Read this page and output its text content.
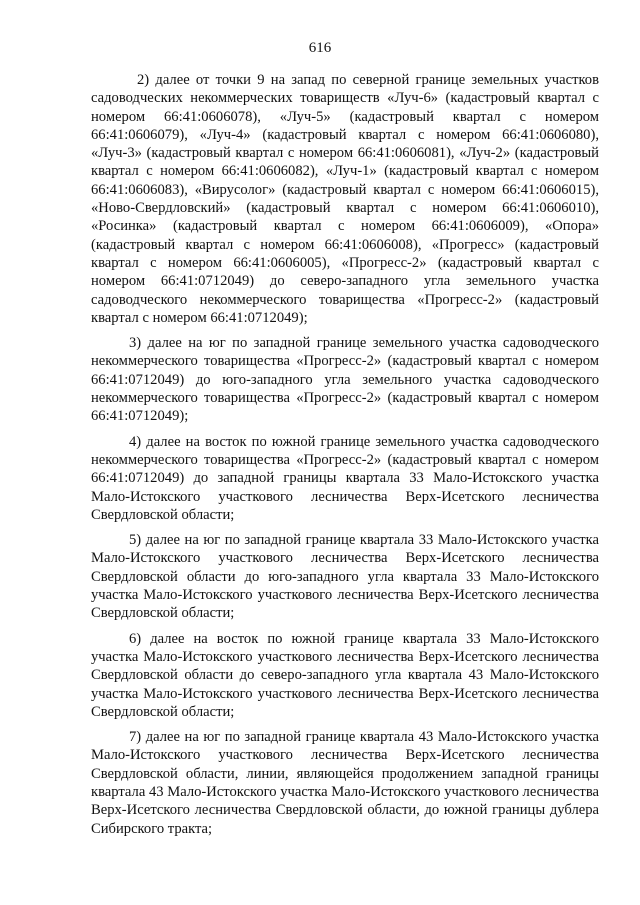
616

2) далее от точки 9 на запад по северной границе земельных участков садоводческих некоммерческих товариществ «Луч-6» (кадастровый квартал с номером 66:41:0606078), «Луч-5» (кадастровый квартал с номером 66:41:0606079), «Луч-4» (кадастровый квартал с номером 66:41:0606080), «Луч-3» (кадастровый квартал с номером 66:41:0606081), «Луч-2» (кадастровый квартал с номером 66:41:0606082), «Луч-1» (кадастровый квартал с номером 66:41:0606083), «Вирусолог» (кадастровый квартал с номером 66:41:0606015), «Ново-Свердловский» (кадастровый квартал с номером 66:41:0606010), «Росинка» (кадастровый квартал с номером 66:41:0606009), «Опора» (кадастровый квартал с номером 66:41:0606008), «Прогресс» (кадастровый квартал с номером 66:41:0606005), «Прогресс-2» (кадастровый квартал с номером 66:41:0712049) до северо-западного угла земельного участка садоводческого некоммерческого товарищества «Прогресс-2» (кадастровый квартал с номером 66:41:0712049);

3) далее на юг по западной границе земельного участка садоводческого некоммерческого товарищества «Прогресс-2» (кадастровый квартал с номером 66:41:0712049) до юго-западного угла земельного участка садоводческого некоммерческого товарищества «Прогресс-2» (кадастровый квартал с номером 66:41:0712049);

4) далее на восток по южной границе земельного участка садоводческого некоммерческого товарищества «Прогресс-2» (кадастровый квартал с номером 66:41:0712049) до западной границы квартала 33 Мало-Истокского участка Мало-Истокского участкового лесничества Верх-Исетского лесничества Свердловской области;

5) далее на юг по западной границе квартала 33 Мало-Истокского участка Мало-Истокского участкового лесничества Верх-Исетского лесничества Свердловской области до юго-западного угла квартала 33 Мало-Истокского участка Мало-Истокского участкового лесничества Верх-Исетского лесничества Свердловской области;

6) далее на восток по южной границе квартала 33 Мало-Истокского участка Мало-Истокского участкового лесничества Верх-Исетского лесничества Свердловской области до северо-западного угла квартала 43 Мало-Истокского участка Мало-Истокского участкового лесничества Верх-Исетского лесничества Свердловской области;

7) далее на юг по западной границе квартала 43 Мало-Истокского участка Мало-Истокского участкового лесничества Верх-Исетского лесничества Свердловской области, линии, являющейся продолжением западной границы квартала 43 Мало-Истокского участка Мало-Истокского участкового лесничества Верх-Исетского лесничества Свердловской области, до южной границы дублера Сибирского тракта;
